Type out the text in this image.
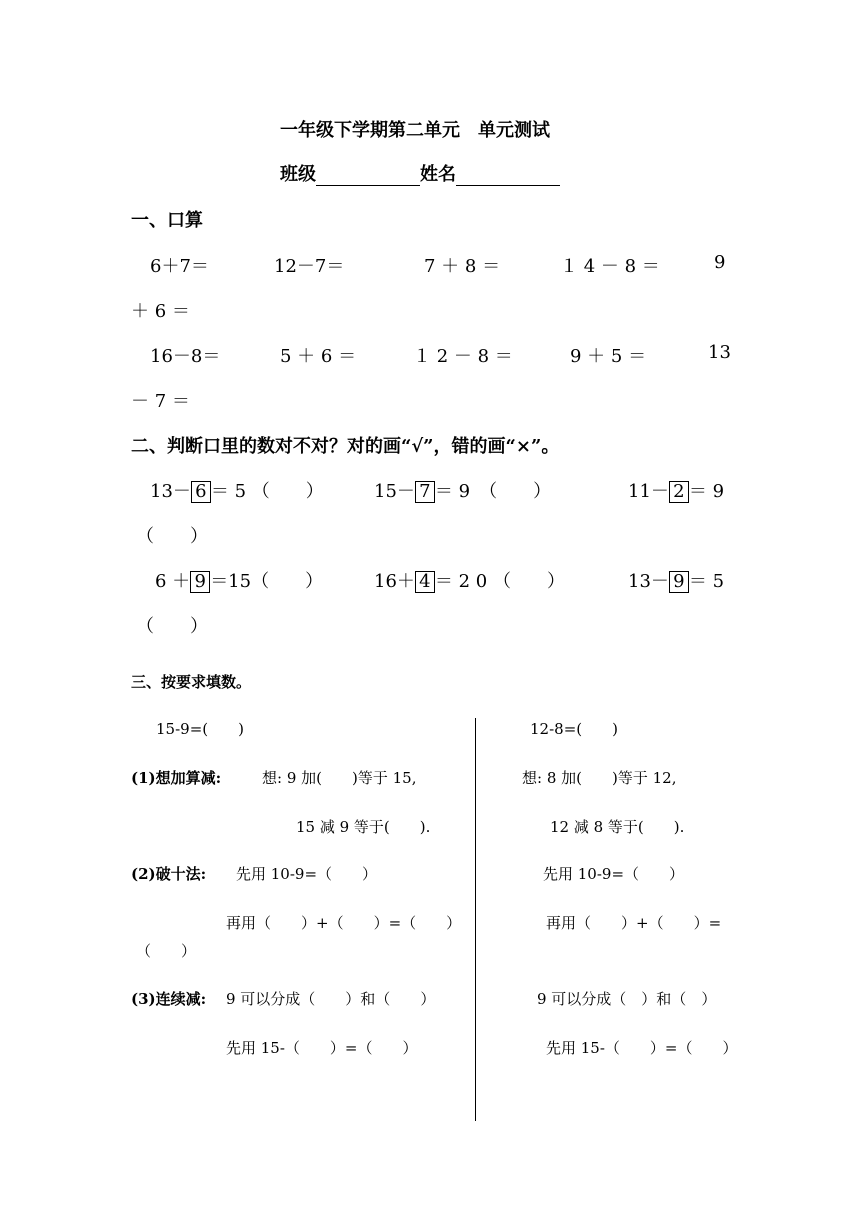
一年级下学期第二单元　单元测试
班级	姓名
一、口算
6＋7＝	12－7＝	7 ＋ 8 ＝	１ 4 － 8 ＝	9
＋ 6 ＝
16－8＝	5 ＋ 6 ＝	１ 2 － 8 ＝	9 ＋ 5 ＝	13
－ 7 ＝
二、判断口里的数对不对？对的画“√”，错的画“×”。
13－ 6 ＝ 5 （　　）	15－ 7 ＝ 9　（　　）	11－ 2 ＝ 9
（　　）
6 ＋ 9 ＝15（　　）	16＋ 4 ＝ 2 0 （　　）	13－ 9 ＝ 5
（　　）
三、按要求填数。
15-9=(　　)
(1)想加算减:	想: 9 加(　　)等于 15,
15 减 9 等于(　　).
(2)破十法: 先用 10-9=（　　）
再用（　　）+（　　）=（　　）
（　　）
(3)连续减: 9 可以分成（　　）和（　　）
先用 15-（　　）=（　　）
12-8=(　　)
想: 8 加(　　)等于 12,
12 减 8 等于(　　).
先用 10-9=（　　）
再用（　　）+（　　）=
9 可以分成（　）和（　）
先用 15-（　　）=（　　）
